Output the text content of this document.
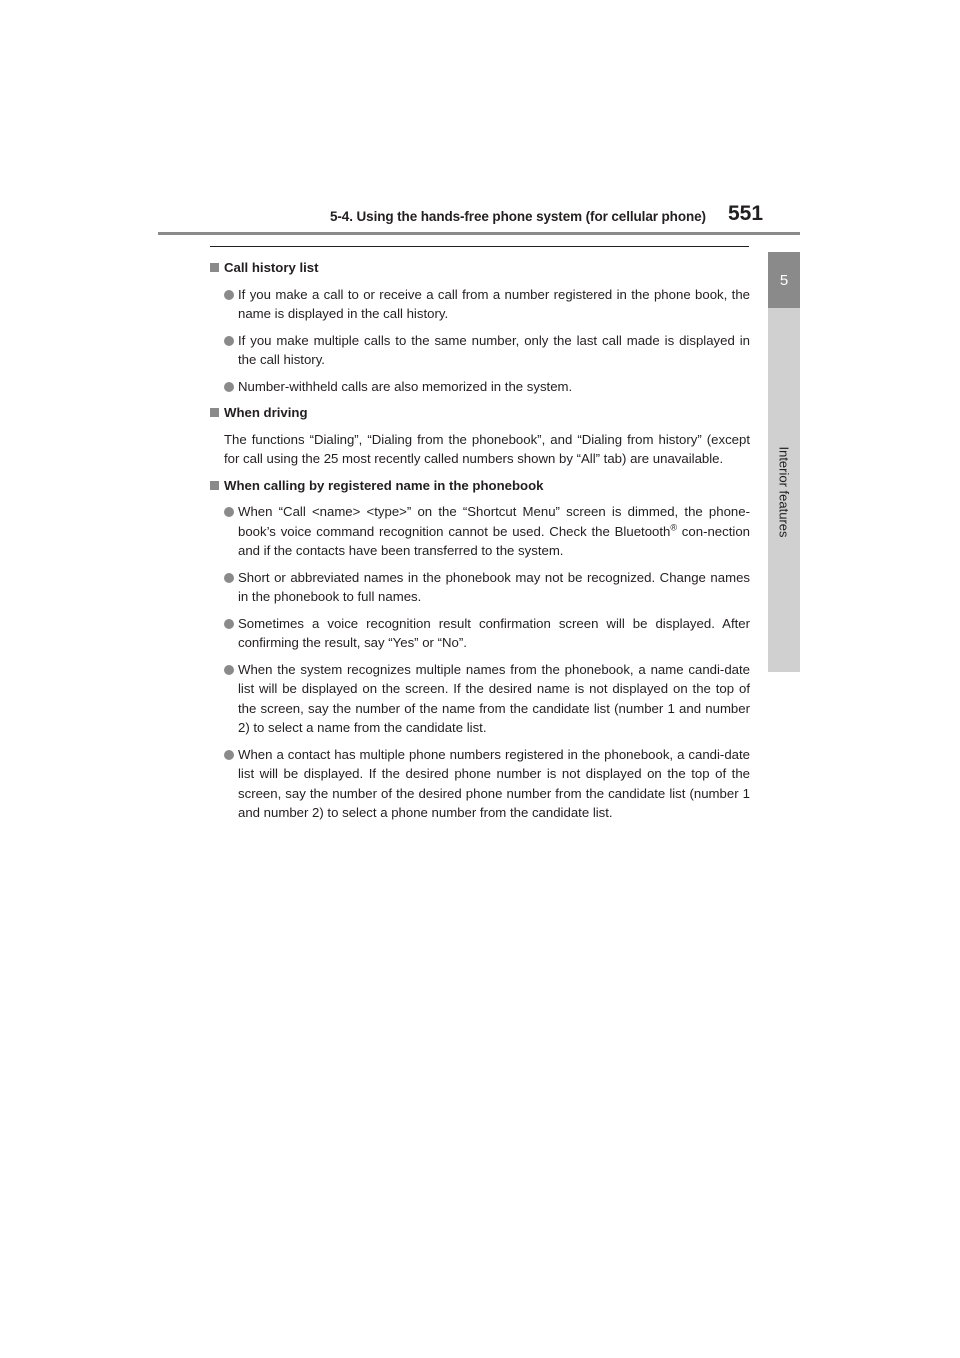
5-4. Using the hands-free phone system (for cellular phone) 551
5
Interior features
Call history list
If you make a call to or receive a call from a number registered in the phone book, the name is displayed in the call history.
If you make multiple calls to the same number, only the last call made is displayed in the call history.
Number-withheld calls are also memorized in the system.
When driving
The functions “Dialing”, “Dialing from the phonebook”, and “Dialing from history” (except for call using the 25 most recently called numbers shown by “All” tab) are unavailable.
When calling by registered name in the phonebook
When “Call <name> <type>” on the “Shortcut Menu” screen is dimmed, the phone-book’s voice command recognition cannot be used. Check the Bluetooth® con-nection and if the contacts have been transferred to the system.
Short or abbreviated names in the phonebook may not be recognized. Change names in the phonebook to full names.
Sometimes a voice recognition result confirmation screen will be displayed. After confirming the result, say “Yes” or “No”.
When the system recognizes multiple names from the phonebook, a name candi-date list will be displayed on the screen. If the desired name is not displayed on the top of the screen, say the number of the name from the candidate list (number 1 and number 2) to select a name from the candidate list.
When a contact has multiple phone numbers registered in the phonebook, a candi-date list will be displayed. If the desired phone number is not displayed on the top of the screen, say the number of the desired phone number from the candidate list (number 1 and number 2) to select a phone number from the candidate list.
